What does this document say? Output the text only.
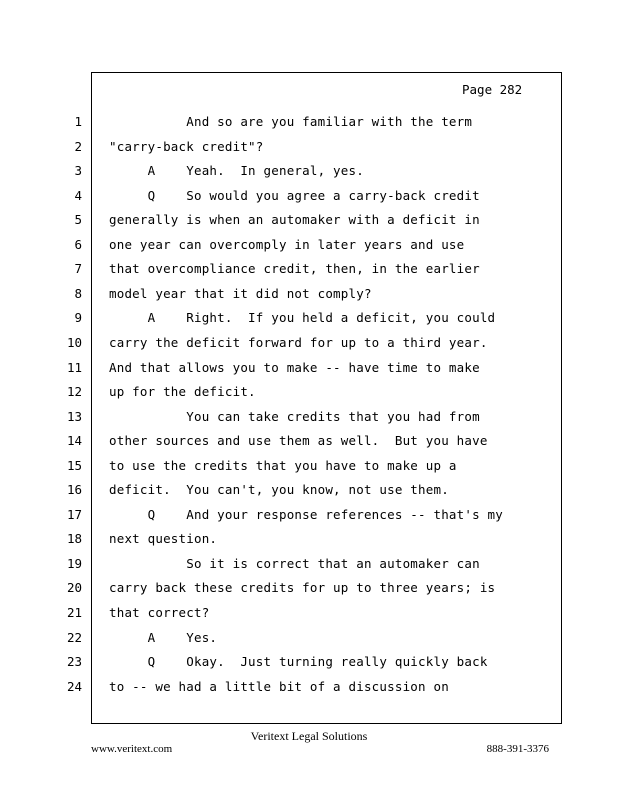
Page 282
1 And so are you familiar with the term
2 "carry-back credit"?
3 A    Yeah.  In general, yes.
4 Q    So would you agree a carry-back credit
5 generally is when an automaker with a deficit in
6 one year can overcomply in later years and use
7 that overcompliance credit, then, in the earlier
8 model year that it did not comply?
9 A    Right.  If you held a deficit, you could
10 carry the deficit forward for up to a third year.
11 And that allows you to make -- have time to make
12 up for the deficit.
13 You can take credits that you had from
14 other sources and use them as well.  But you have
15 to use the credits that you have to make up a
16 deficit.  You can't, you know, not use them.
17 Q    And your response references -- that's my
18 next question.
19 So it is correct that an automaker can
20 carry back these credits for up to three years; is
21 that correct?
22 A    Yes.
23 Q    Okay.  Just turning really quickly back
24 to -- we had a little bit of a discussion on
Veritext Legal Solutions
www.veritext.com	888-391-3376
